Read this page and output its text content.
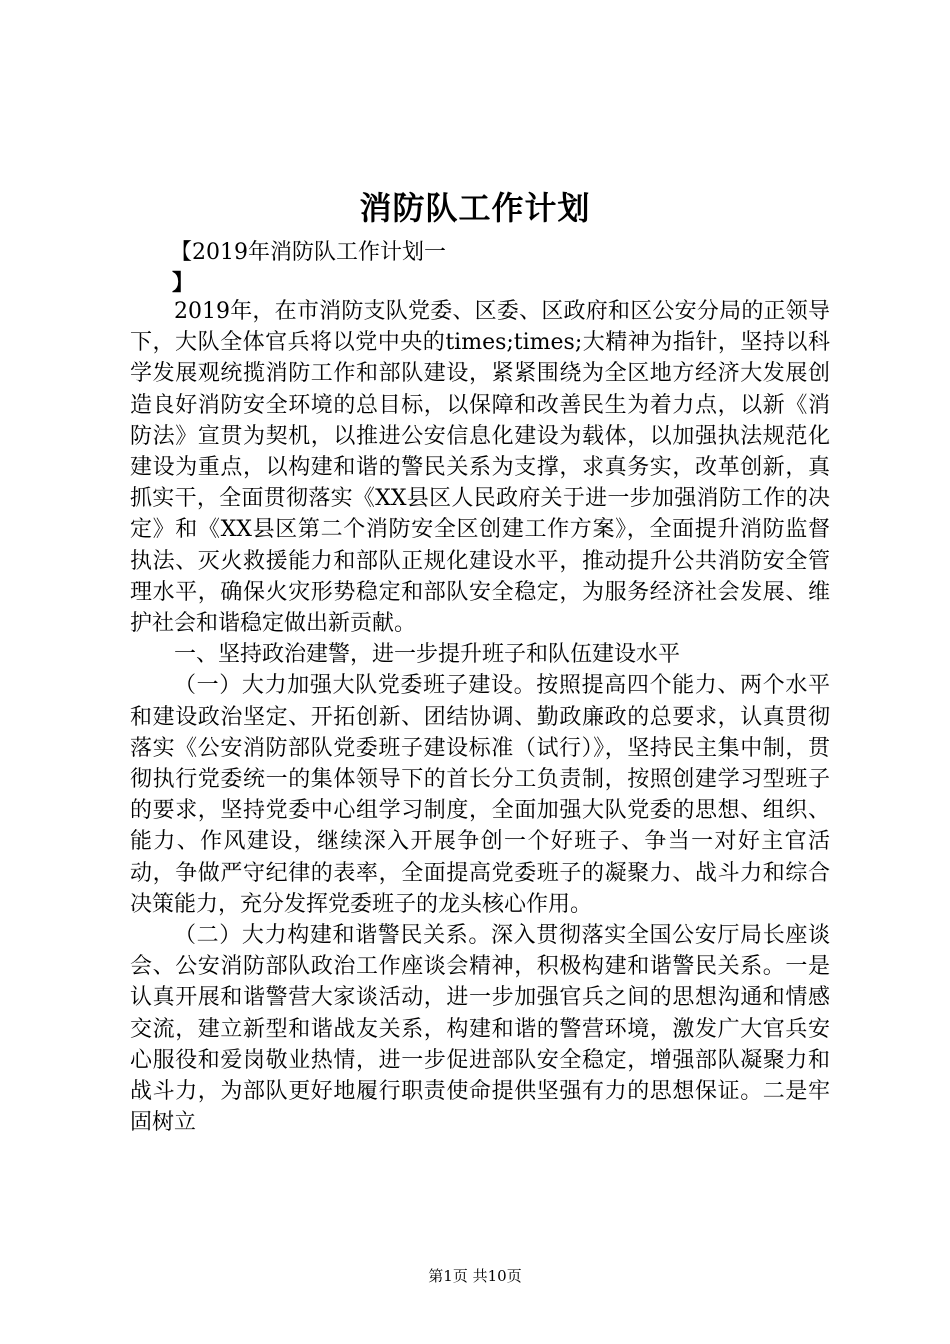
消防队工作计划
【2019年消防队工作计划一
】

2019年，在市消防支队党委、区委、区政府和区公安分局的正领导下，大队全体官兵将以党中央的times;times;大精神为指针，坚持以科学发展观统揽消防工作和部队建设，紧紧围绕为全区地方经济大发展创造良好消防安全环境的总目标，以保障和改善民生为着力点，以新《消防法》宣贯为契机，以推进公安信息化建设为载体，以加强执法规范化建设为重点，以构建和谐的警民关系为支撑，求真务实，改革创新，真抓实干，全面贯彻落实《XX县区人民政府关于进一步加强消防工作的决定》和《XX县区第二个消防安全区创建工作方案》，全面提升消防监督执法、灭火救援能力和部队正规化建设水平，推动提升公共消防安全管理水平，确保火灾形势稳定和部队安全稳定，为服务经济社会发展、维护社会和谐稳定做出新贡献。

一、坚持政治建警，进一步提升班子和队伍建设水平

（一）大力加强大队党委班子建设。按照提高四个能力、两个水平和建设政治坚定、开拓创新、团结协调、勤政廉政的总要求，认真贯彻落实《公安消防部队党委班子建设标准（试行）》，坚持民主集中制，贯彻执行党委统一的集体领导下的首长分工负责制，按照创建学习型班子的要求，坚持党委中心组学习制度，全面加强大队党委的思想、组织、能力、作风建设，继续深入开展争创一个好班子、争当一对好主官活动，争做严守纪律的表率，全面提高党委班子的凝聚力、战斗力和综合决策能力，充分发挥党委班子的龙头核心作用。

（二）大力构建和谐警民关系。深入贯彻落实全国公安厅局长座谈会、公安消防部队政治工作座谈会精神，积极构建和谐警民关系。一是认真开展和谐警营大家谈活动，进一步加强官兵之间的思想沟通和情感交流，建立新型和谐战友关系，构建和谐的警营环境，激发广大官兵安心服役和爱岗敬业热情，进一步促进部队安全稳定，增强部队凝聚力和战斗力，为部队更好地履行职责使命提供坚强有力的思想保证。二是牢固树立

第1页 共10页
